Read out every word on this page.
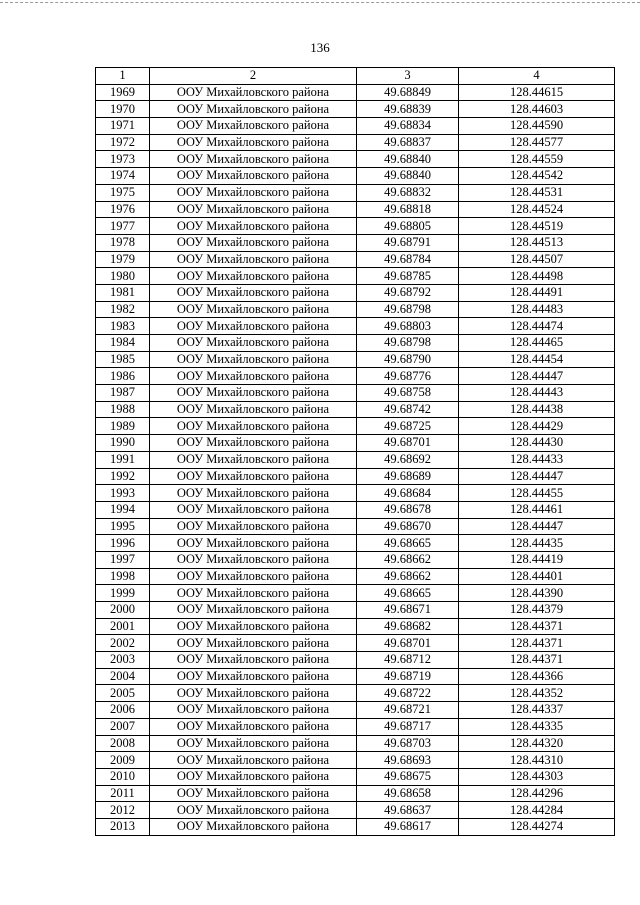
136
1	2	3	4
1969	ООУ Михайловского района	49.68849	128.44615
1970	ООУ Михайловского района	49.68839	128.44603
1971	ООУ Михайловского района	49.68834	128.44590
1972	ООУ Михайловского района	49.68837	128.44577
1973	ООУ Михайловского района	49.68840	128.44559
1974	ООУ Михайловского района	49.68840	128.44542
1975	ООУ Михайловского района	49.68832	128.44531
1976	ООУ Михайловского района	49.68818	128.44524
1977	ООУ Михайловского района	49.68805	128.44519
1978	ООУ Михайловского района	49.68791	128.44513
1979	ООУ Михайловского района	49.68784	128.44507
1980	ООУ Михайловского района	49.68785	128.44498
1981	ООУ Михайловского района	49.68792	128.44491
1982	ООУ Михайловского района	49.68798	128.44483
1983	ООУ Михайловского района	49.68803	128.44474
1984	ООУ Михайловского района	49.68798	128.44465
1985	ООУ Михайловского района	49.68790	128.44454
1986	ООУ Михайловского района	49.68776	128.44447
1987	ООУ Михайловского района	49.68758	128.44443
1988	ООУ Михайловского района	49.68742	128.44438
1989	ООУ Михайловского района	49.68725	128.44429
1990	ООУ Михайловского района	49.68701	128.44430
1991	ООУ Михайловского района	49.68692	128.44433
1992	ООУ Михайловского района	49.68689	128.44447
1993	ООУ Михайловского района	49.68684	128.44455
1994	ООУ Михайловского района	49.68678	128.44461
1995	ООУ Михайловского района	49.68670	128.44447
1996	ООУ Михайловского района	49.68665	128.44435
1997	ООУ Михайловского района	49.68662	128.44419
1998	ООУ Михайловского района	49.68662	128.44401
1999	ООУ Михайловского района	49.68665	128.44390
2000	ООУ Михайловского района	49.68671	128.44379
2001	ООУ Михайловского района	49.68682	128.44371
2002	ООУ Михайловского района	49.68701	128.44371
2003	ООУ Михайловского района	49.68712	128.44371
2004	ООУ Михайловского района	49.68719	128.44366
2005	ООУ Михайловского района	49.68722	128.44352
2006	ООУ Михайловского района	49.68721	128.44337
2007	ООУ Михайловского района	49.68717	128.44335
2008	ООУ Михайловского района	49.68703	128.44320
2009	ООУ Михайловского района	49.68693	128.44310
2010	ООУ Михайловского района	49.68675	128.44303
2011	ООУ Михайловского района	49.68658	128.44296
2012	ООУ Михайловского района	49.68637	128.44284
2013	ООУ Михайловского района	49.68617	128.44274
